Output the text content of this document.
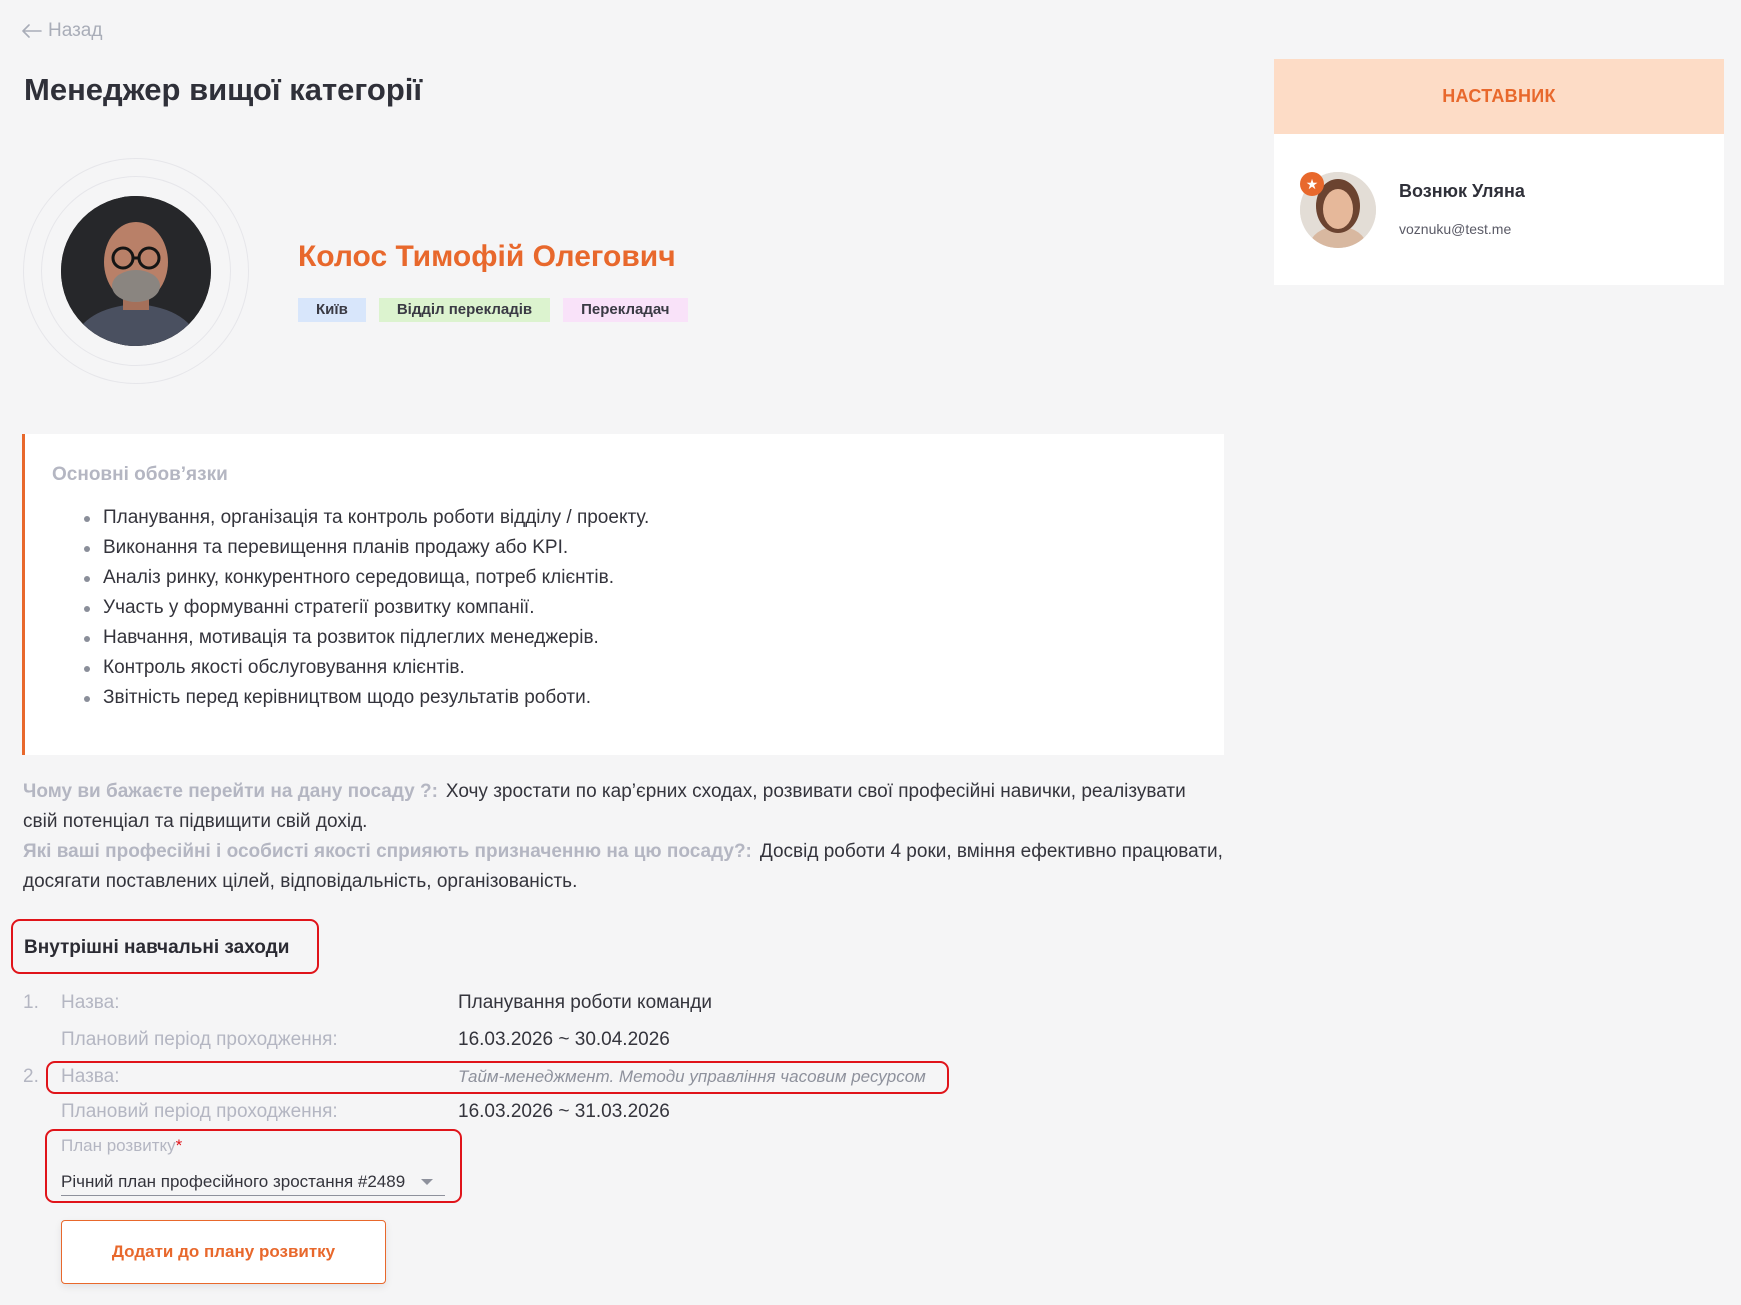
Назад
Менеджер вищої категорії
Колос Тимофій Олегович
Київ	Відділ перекладів	Перекладач
НАСТАВНИК
★	Вознюк Уляна
voznuku@test.me
Основні обов’язки
Планування, організація та контроль роботи відділу / проекту.
Виконання та перевищення планів продажу або KPI.
Аналіз ринку, конкурентного середовища, потреб клієнтів.
Участь у формуванні стратегії розвитку компанії.
Навчання, мотивація та розвиток підлеглих менеджерів.
Контроль якості обслуговування клієнтів.
Звітність перед керівництвом щодо результатів роботи.
Чому ви бажаєте перейти на дану посаду ?: Хочу зростати по кар’єрних сходах, розвивати свої професійні навички, реалізувати свій потенціал та підвищити свій дохід.
Які ваші професійні і особисті якості сприяють призначенню на цю посаду?: Досвід роботи 4 роки, вміння ефективно працювати, досягати поставлених цілей, відповідальність, організованість.
Внутрішні навчальні заходи
1. Назва:	Планування роботи команди
Плановий період проходження:	16.03.2026 ~ 30.04.2026
2. Назва:	Тайм-менеджмент. Методи управління часовим ресурсом
Плановий період проходження:	16.03.2026 ~ 31.03.2026
План розвитку*
Річний план професійного зростання #2489
Додати до плану розвитку
